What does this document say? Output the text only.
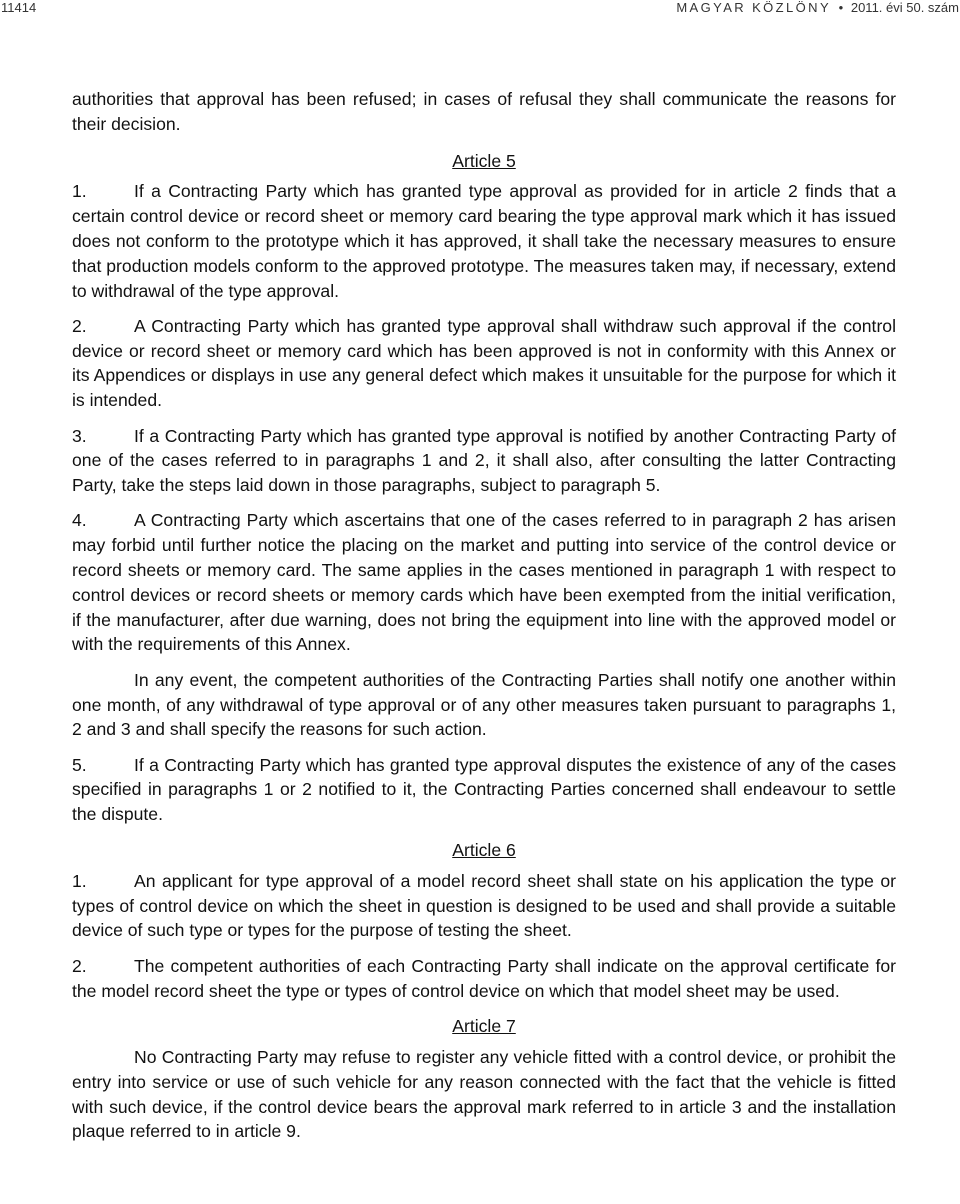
11414	MAGYAR KÖZLÖNY • 2011. évi 50. szám

authorities that approval has been refused; in cases of refusal they shall communicate the reasons for their decision.

Article 5

1.	If a Contracting Party which has granted type approval as provided for in article 2 finds that a certain control device or record sheet or memory card bearing the type approval mark which it has issued does not conform to the prototype which it has approved, it shall take the necessary measures to ensure that production models conform to the approved prototype. The measures taken may, if necessary, extend to withdrawal of the type approval.

2.	A Contracting Party which has granted type approval shall withdraw such approval if the control device or record sheet or memory card which has been approved is not in conformity with this Annex or its Appendices or displays in use any general defect which makes it unsuitable for the purpose for which it is intended.

3.	If a Contracting Party which has granted type approval is notified by another Contracting Party of one of the cases referred to in paragraphs 1 and 2, it shall also, after consulting the latter Contracting Party, take the steps laid down in those paragraphs, subject to paragraph 5.

4.	A Contracting Party which ascertains that one of the cases referred to in paragraph 2 has arisen may forbid until further notice the placing on the market and putting into service of the control device or record sheets or memory card. The same applies in the cases mentioned in paragraph 1 with respect to control devices or record sheets or memory cards which have been exempted from the initial verification, if the manufacturer, after due warning, does not bring the equipment into line with the approved model or with the requirements of this Annex.

In any event, the competent authorities of the Contracting Parties shall notify one another within one month, of any withdrawal of type approval or of any other measures taken pursuant to paragraphs 1, 2 and 3 and shall specify the reasons for such action.

5.	If a Contracting Party which has granted type approval disputes the existence of any of the cases specified in paragraphs 1 or 2 notified to it, the Contracting Parties concerned shall endeavour to settle the dispute.

Article 6

1.	An applicant for type approval of a model record sheet shall state on his application the type or types of control device on which the sheet in question is designed to be used and shall provide a suitable device of such type or types for the purpose of testing the sheet.

2.	The competent authorities of each Contracting Party shall indicate on the approval certificate for the model record sheet the type or types of control device on which that model sheet may be used.

Article 7

No Contracting Party may refuse to register any vehicle fitted with a control device, or prohibit the entry into service or use of such vehicle for any reason connected with the fact that the vehicle is fitted with such device, if the control device bears the approval mark referred to in article 3 and the installation plaque referred to in article 9.
